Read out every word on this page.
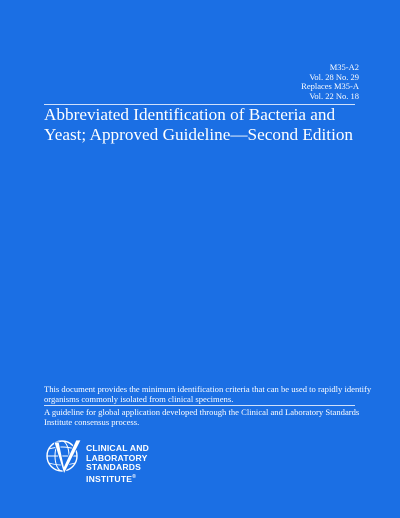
M35-A2
Vol. 28 No. 29
Replaces M35-A
Vol. 22 No. 18
Abbreviated Identification of Bacteria and Yeast; Approved Guideline—Second Edition
This document provides the minimum identification criteria that can be used to rapidly identify organisms commonly isolated from clinical specimens.
A guideline for global application developed through the Clinical and Laboratory Standards Institute consensus process.
CLINICAL AND
LABORATORY
STANDARDS
INSTITUTE®
